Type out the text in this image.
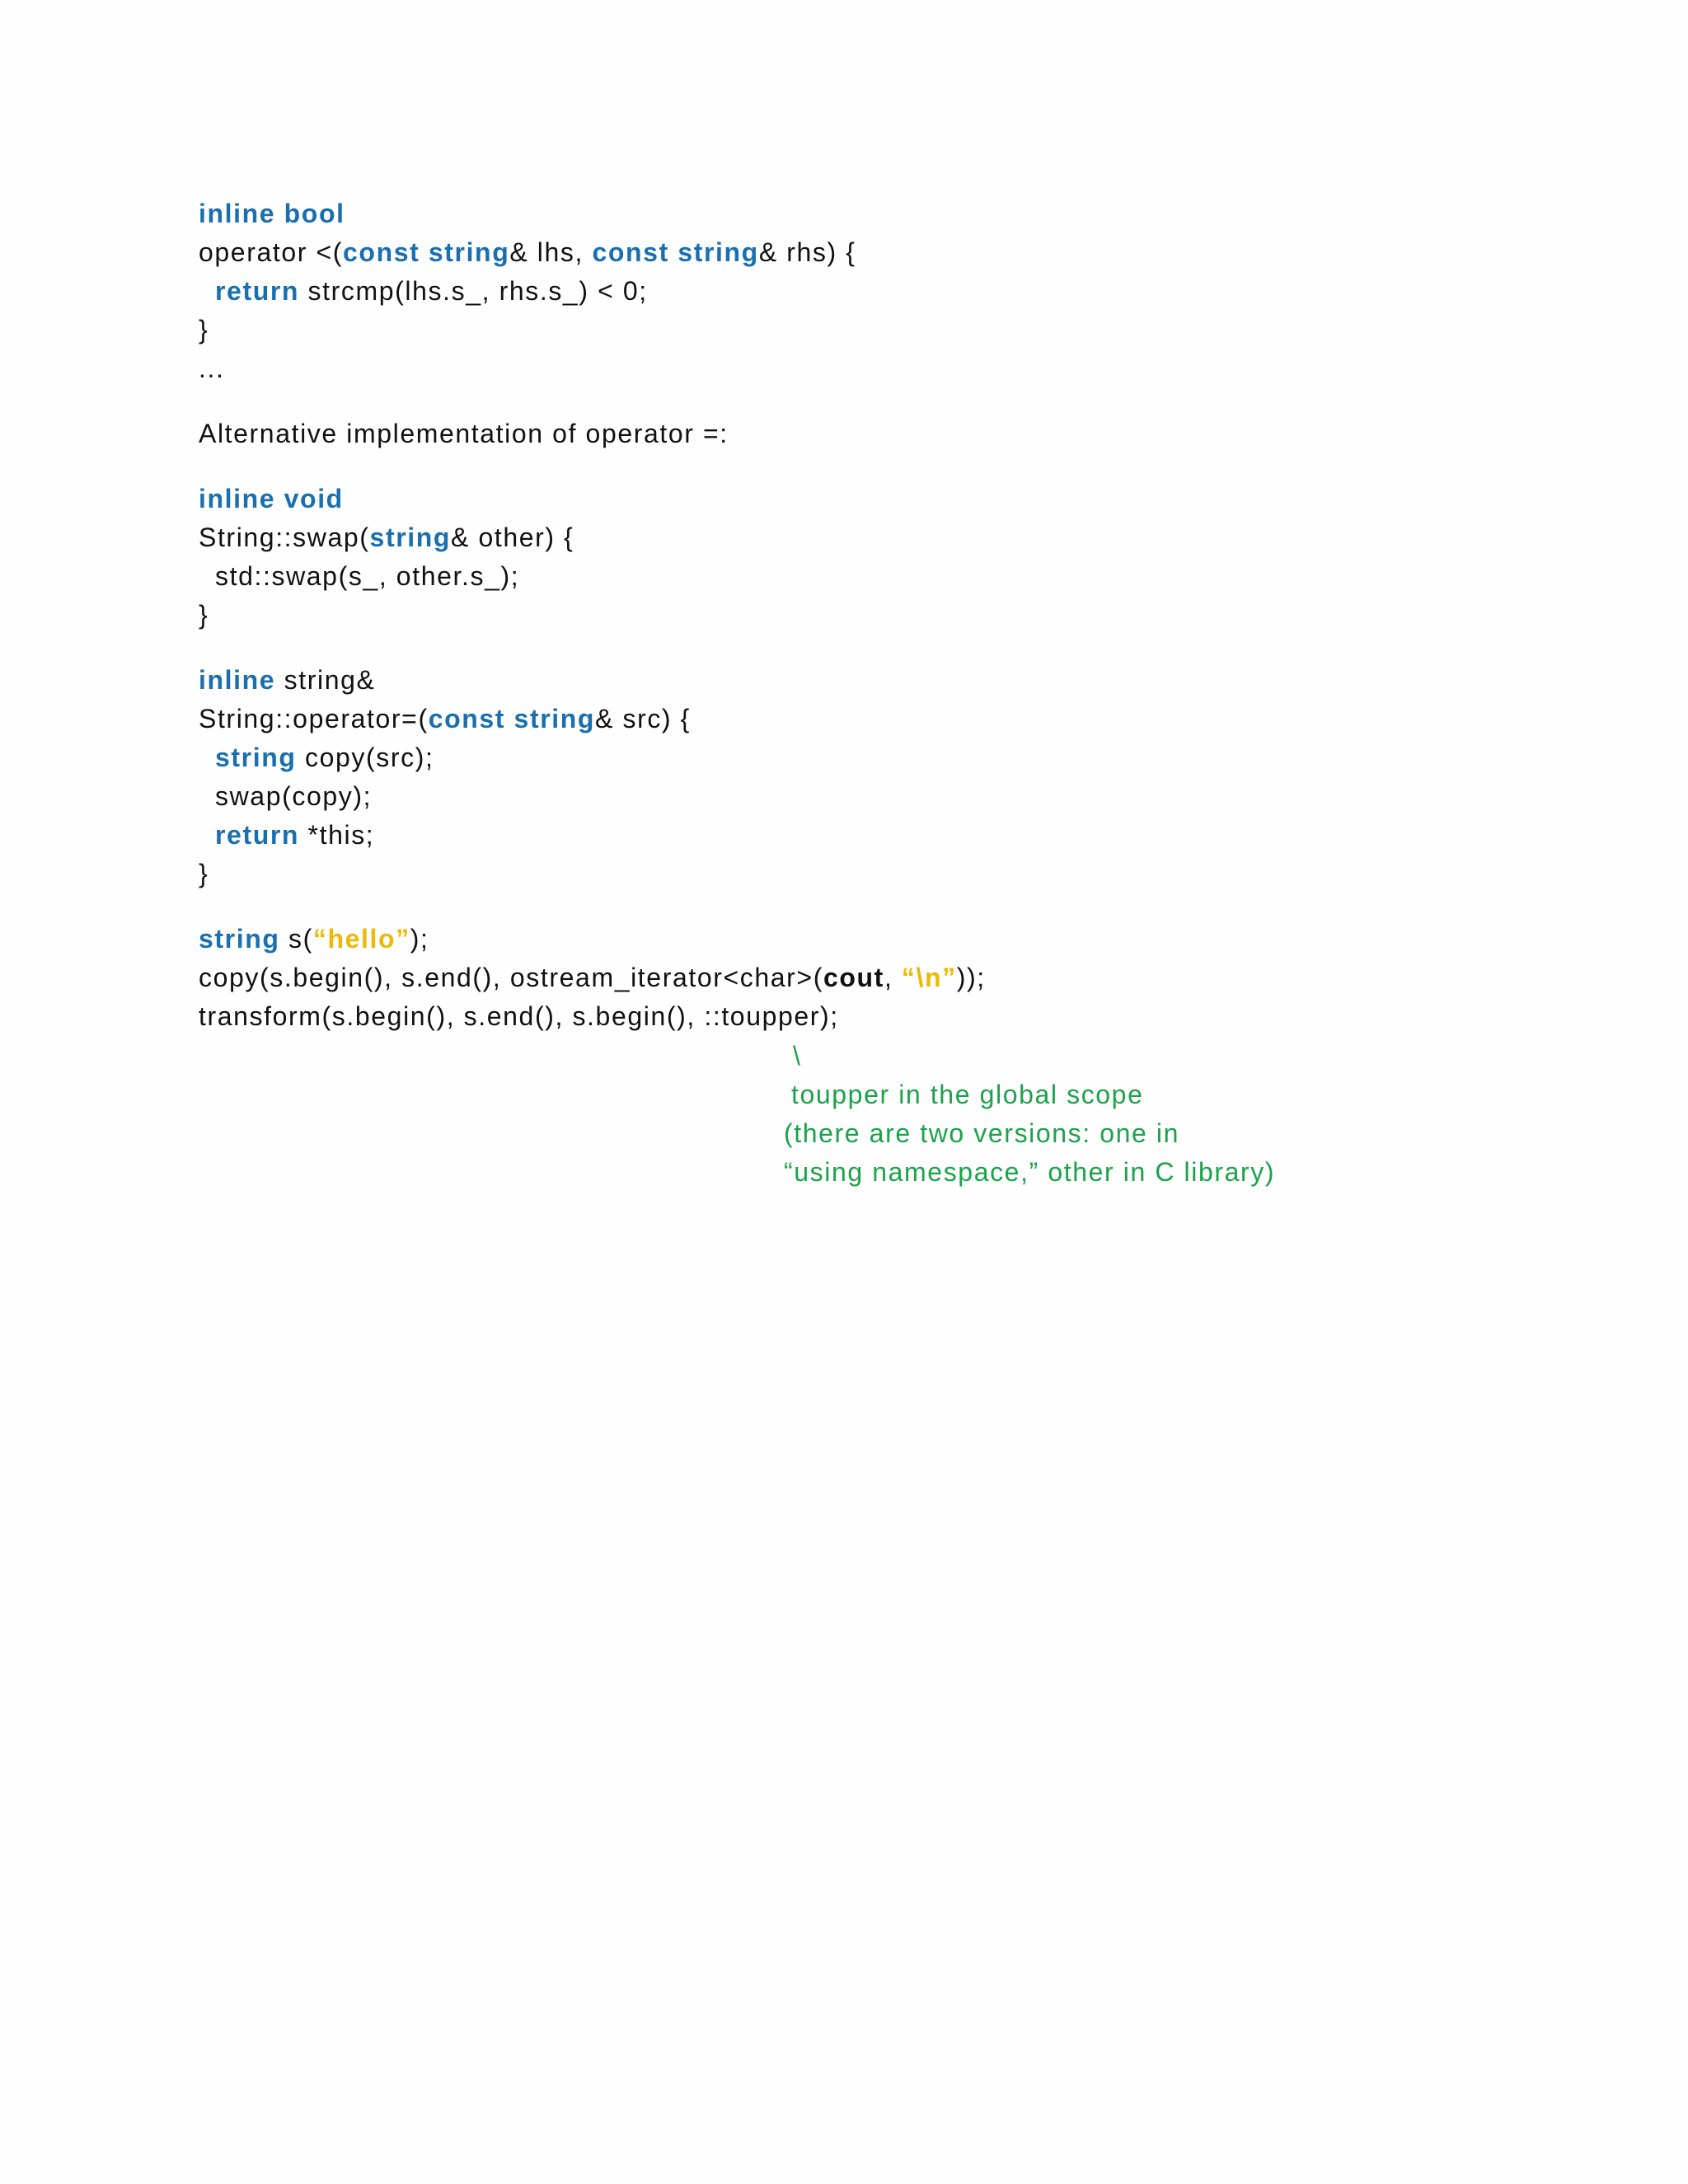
inline bool
operator <(const string& lhs, const string& rhs) {
return strcmp(lhs.s_, rhs.s_) < 0;
}
...
Alternative implementation of operator =:
inline void
String::swap(string& other) {
std::swap(s_, other.s_);
}
inline string&
String::operator=(const string& src) {
string copy(src);
swap(copy);
return *this;
}
string s(“hello”);
copy(s.begin(), s.end(), ostream_iterator<char>(cout, “\n”));
transform(s.begin(), s.end(), s.begin(), ::toupper);
\
toupper in the global scope
(there are two versions: one in
“using namespace,” other in C library)
